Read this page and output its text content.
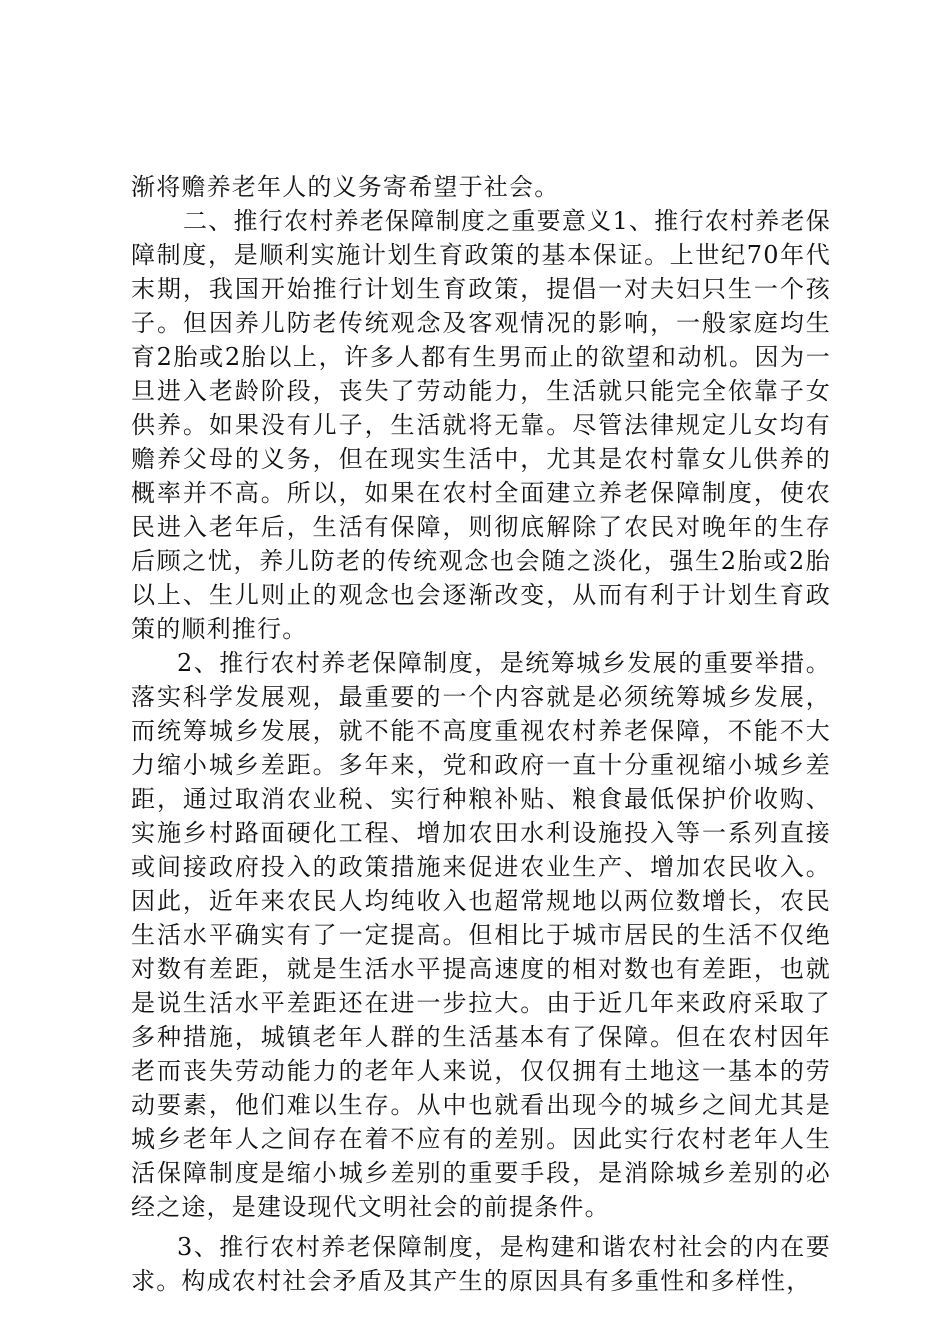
渐将赡养老年人的义务寄希望于社会。

二、推行农村养老保障制度之重要意义1、推行农村养老保障制度，是顺利实施计划生育政策的基本保证。上世纪70年代末期，我国开始推行计划生育政策，提倡一对夫妇只生一个孩子。但因养儿防老传统观念及客观情况的影响，一般家庭均生育2胎或2胎以上，许多人都有生男而止的欲望和动机。因为一旦进入老龄阶段，丧失了劳动能力，生活就只能完全依靠子女供养。如果没有儿子，生活就将无靠。尽管法律规定儿女均有赡养父母的义务，但在现实生活中，尤其是农村靠女儿供养的概率并不高。所以，如果在农村全面建立养老保障制度，使农民进入老年后，生活有保障，则彻底解除了农民对晚年的生存后顾之忧，养儿防老的传统观念也会随之淡化，强生2胎或2胎以上、生儿则止的观念也会逐渐改变，从而有利于计划生育政策的顺利推行。

2、推行农村养老保障制度，是统筹城乡发展的重要举措。落实科学发展观，最重要的一个内容就是必须统筹城乡发展，而统筹城乡发展，就不能不高度重视农村养老保障，不能不大力缩小城乡差距。多年来，党和政府一直十分重视缩小城乡差距，通过取消农业税、实行种粮补贴、粮食最低保护价收购、实施乡村路面硬化工程、增加农田水利设施投入等一系列直接或间接政府投入的政策措施来促进农业生产、增加农民收入。因此，近年来农民人均纯收入也超常规地以两位数增长，农民生活水平确实有了一定提高。但相比于城市居民的生活不仅绝对数有差距，就是生活水平提高速度的相对数也有差距，也就是说生活水平差距还在进一步拉大。由于近几年来政府采取了多种措施，城镇老年人群的生活基本有了保障。但在农村因年老而丧失劳动能力的老年人来说，仅仅拥有土地这一基本的劳动要素，他们难以生存。从中也就看出现今的城乡之间尤其是城乡老年人之间存在着不应有的差别。因此实行农村老年人生活保障制度是缩小城乡差别的重要手段，是消除城乡差别的必经之途，是建设现代文明社会的前提条件。

3、推行农村养老保障制度，是构建和谐农村社会的内在要求。构成农村社会矛盾及其产生的原因具有多重性和多样性，
